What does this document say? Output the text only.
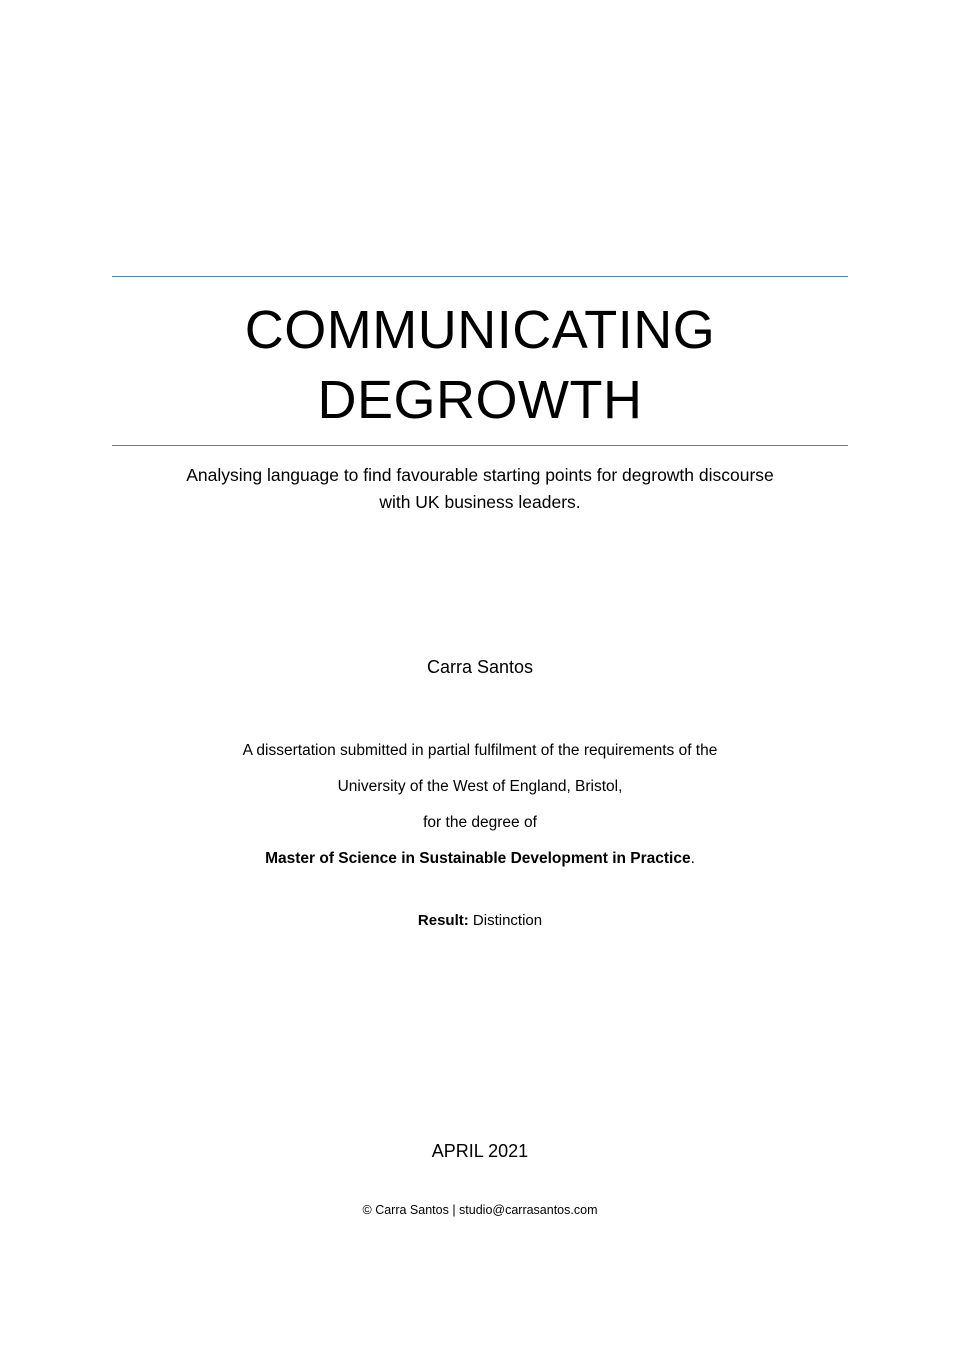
COMMUNICATING
DEGROWTH

Analysing language to find favourable starting points for degrowth discourse
with UK business leaders.

Carra Santos

A dissertation submitted in partial fulfilment of the requirements of the
University of the West of England, Bristol,
for the degree of
Master of Science in Sustainable Development in Practice.

Result: Distinction

APRIL 2021

© Carra Santos | studio@carrasantos.com
